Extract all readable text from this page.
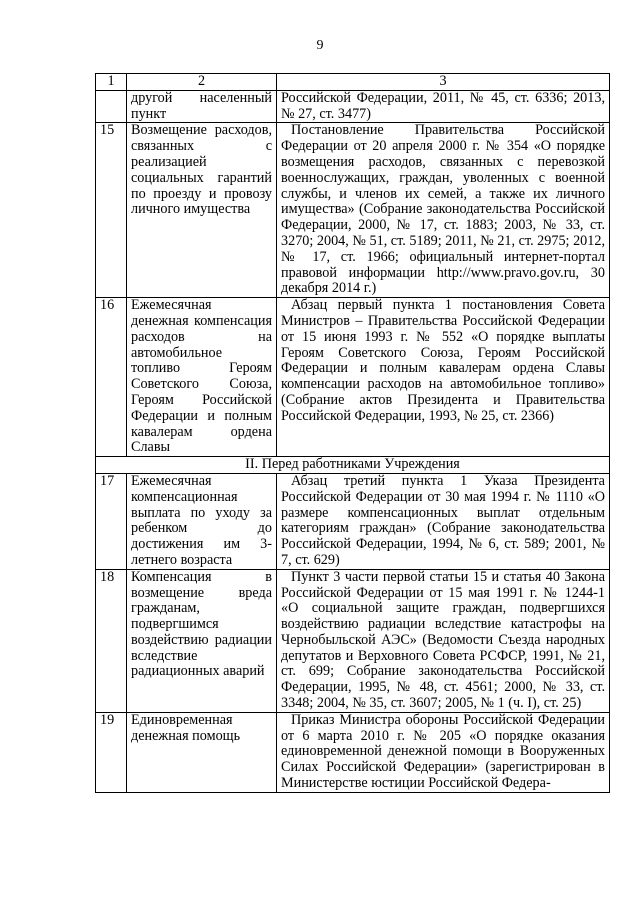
9
1	2	3
	другой населенный пункт	Российской Федерации, 2011, № 45, ст. 6336; 2013, № 27, ст. 3477)
15	Возмещение расходов, связанных с реализацией социальных гарантий по проезду и провозу личного имущества	Постановление Правительства Российской Федерации от 20 апреля 2000 г. № 354 «О порядке возмещения расходов, связанных с перевозкой военнослужащих, граждан, уволенных с военной службы, и членов их семей, а также их личного имущества» (Собрание законодательства Российской Федерации, 2000, № 17, ст. 1883; 2003, № 33, ст. 3270; 2004, № 51, ст. 5189; 2011, № 21, ст. 2975; 2012, № 17, ст. 1966; официальный интернет-портал правовой информации http://www.pravo.gov.ru, 30 декабря 2014 г.)
16	Ежемесячная денежная компенсация расходов на автомобильное топливо Героям Советского Союза, Героям Российской Федерации и полным кавалерам ордена Славы	Абзац первый пункта 1 постановления Совета Министров – Правительства Российской Федерации от 15 июня 1993 г. № 552 «О порядке выплаты Героям Советского Союза, Героям Российской Федерации и полным кавалерам ордена Славы компенсации расходов на автомобильное топливо» (Собрание актов Президента и Правительства Российской Федерации, 1993, № 25, ст. 2366)
II. Перед работниками Учреждения		
17	Ежемесячная компенсационная выплата по уходу за ребенком до достижения им 3-летнего возраста	Абзац третий пункта 1 Указа Президента Российской Федерации от 30 мая 1994 г. № 1110 «О размере компенсационных выплат отдельным категориям граждан» (Собрание законодательства Российской Федерации, 1994, № 6, ст. 589; 2001, № 7, ст. 629)
18	Компенсация в возмещение вреда гражданам, подвергшимся воздействию радиации вследствие радиационных аварий	Пункт 3 части первой статьи 15 и статья 40 Закона Российской Федерации от 15 мая 1991 г. № 1244-1 «О социальной защите граждан, подвергшихся воздействию радиации вследствие катастрофы на Чернобыльской АЭС» (Ведомости Съезда народных депутатов и Верховного Совета РСФСР, 1991, № 21, ст. 699; Собрание законодательства Российской Федерации, 1995, № 48, ст. 4561; 2000, № 33, ст. 3348; 2004, № 35, ст. 3607; 2005, № 1 (ч. I), ст. 25)
19	Единовременная денежная помощь	Приказ Министра обороны Российской Федерации от 6 марта 2010 г. № 205 «О порядке оказания единовременной денежной помощи в Вооруженных Силах Российской Федерации» (зарегистрирован в Министерстве юстиции Российской Федера-
